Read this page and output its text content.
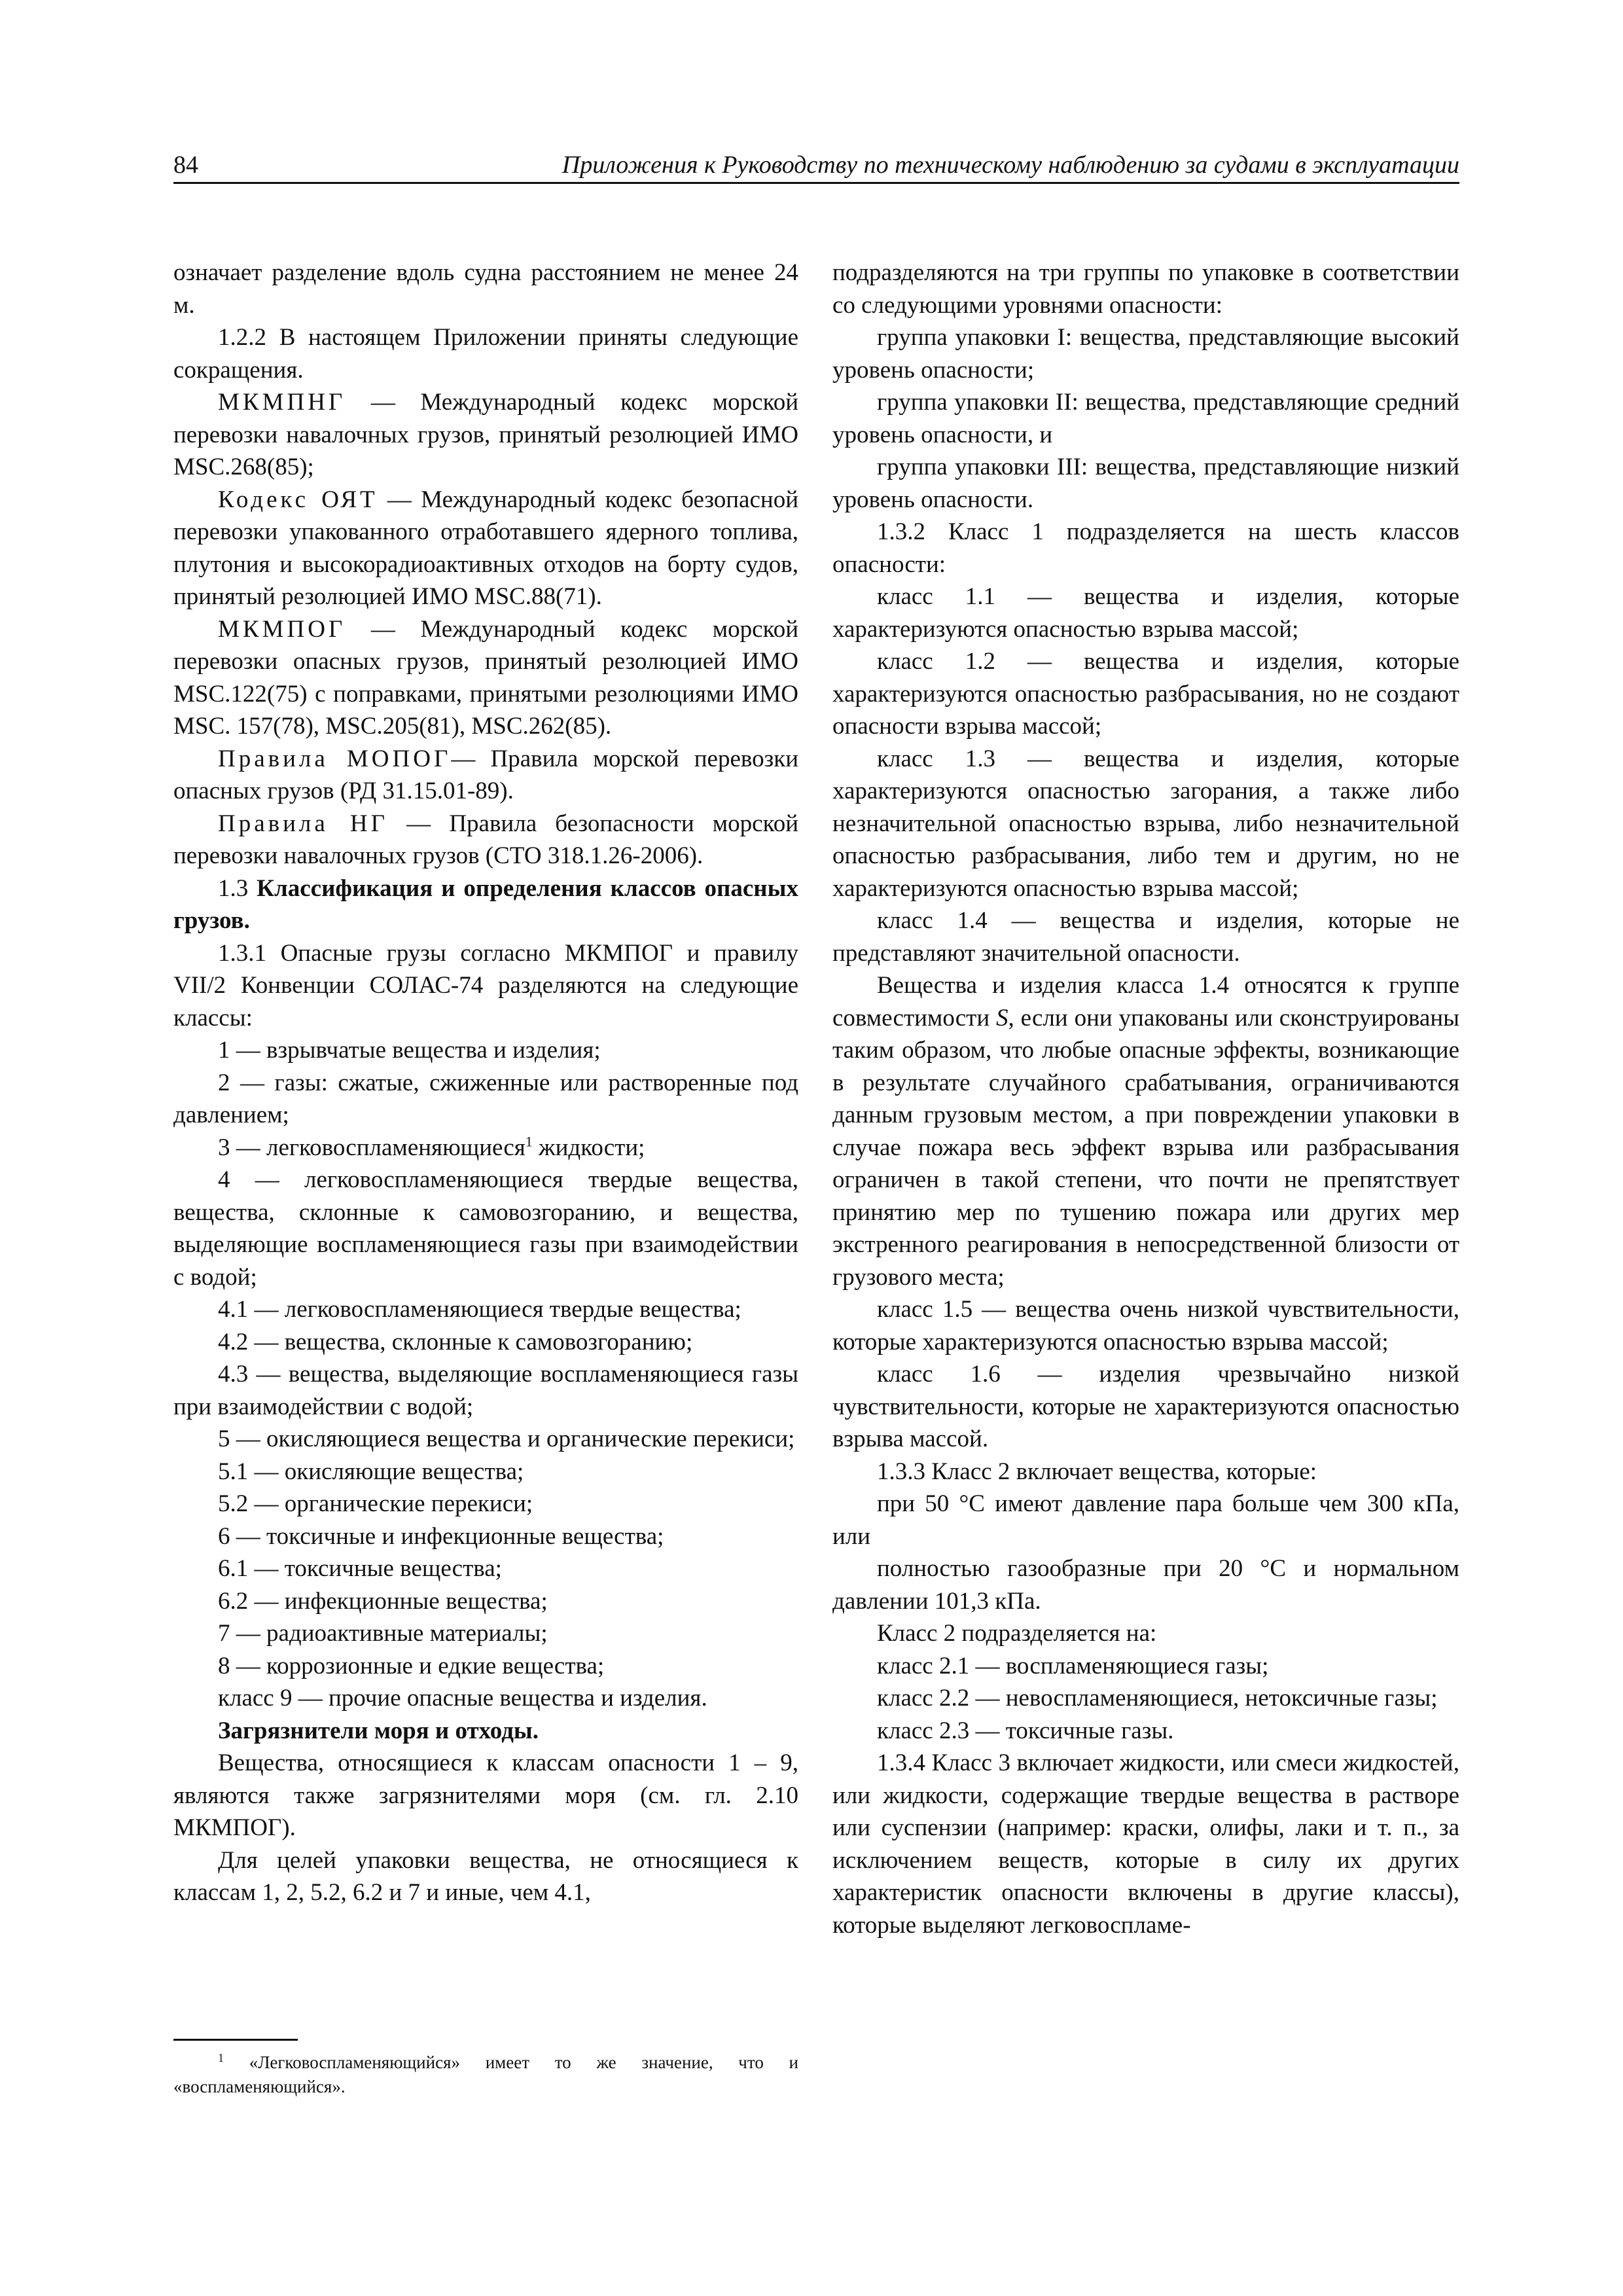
84	Приложения к Руководству по техническому наблюдению за судами в эксплуатации

означает разделение вдоль судна расстоянием не менее 24 м.

1.2.2 В настоящем Приложении приняты следующие сокращения.

МКМПНГ — Международный кодекс морской перевозки навалочных грузов, принятый резолюцией ИМО MSC.268(85);

Кодекс ОЯТ — Международный кодекс безопасной перевозки упакованного отработавшего ядерного топлива, плутония и высокорадиоактивных отходов на борту судов, принятый резолюцией ИМО MSC.88(71).

МКМПОГ — Международный кодекс морской перевозки опасных грузов, принятый резолюцией ИМО MSC.122(75) с поправками, принятыми резолюциями ИМО MSC. 157(78), MSC.205(81), MSC.262(85).

Правила МОПОГ— Правила морской перевозки опасных грузов (РД 31.15.01-89).

Правила НГ — Правила безопасности морской перевозки навалочных грузов (СТО 318.1.26-2006).

1.3 Классификация и определения классов опасных грузов.

1.3.1 Опасные грузы согласно МКМПОГ и правилу VII/2 Конвенции СОЛАС-74 разделяются на следующие классы:

1 — взрывчатые вещества и изделия;

2 — газы: сжатые, сжиженные или растворенные под давлением;

3 — легковоспламеняющиеся$^1$ жидкости;

4 — легковоспламеняющиеся твердые вещества, вещества, склонные к самовозгоранию, и вещества, выделяющие воспламеняющиеся газы при взаимодействии с водой;

4.1 — легковоспламеняющиеся твердые вещества;

4.2 — вещества, склонные к самовозгоранию;

4.3 — вещества, выделяющие воспламеняющиеся газы при взаимодействии с водой;

5 — окисляющиеся вещества и органические перекиси;

5.1 — окисляющие вещества;

5.2 — органические перекиси;

6 — токсичные и инфекционные вещества;

6.1 — токсичные вещества;

6.2 — инфекционные вещества;

7 — радиоактивные материалы;

8 — коррозионные и едкие вещества;

класс 9 — прочие опасные вещества и изделия.

Загрязнители моря и отходы.

Вещества, относящиеся к классам опасности 1 – 9, являются также загрязнителями моря (см. гл. 2.10 МКМПОГ).

Для целей упаковки вещества, не относящиеся к классам 1, 2, 5.2, 6.2 и 7 и иные, чем 4.1,

подразделяются на три группы по упаковке в соответствии со следующими уровнями опасности:

группа упаковки I: вещества, представляющие высокий уровень опасности;

группа упаковки II: вещества, представляющие средний уровень опасности, и

группа упаковки III: вещества, представляющие низкий уровень опасности.

1.3.2 Класс 1 подразделяется на шесть классов опасности:

класс 1.1 — вещества и изделия, которые характеризуются опасностью взрыва массой;

класс 1.2 — вещества и изделия, которые характеризуются опасностью разбрасывания, но не создают опасности взрыва массой;

класс 1.3 — вещества и изделия, которые характеризуются опасностью загорания, а также либо незначительной опасностью взрыва, либо незначительной опасностью разбрасывания, либо тем и другим, но не характеризуются опасностью взрыва массой;

класс 1.4 — вещества и изделия, которые не представляют значительной опасности.

Вещества и изделия класса 1.4 относятся к группе совместимости S, если они упакованы или сконструированы таким образом, что любые опасные эффекты, возникающие в результате случайного срабатывания, ограничиваются данным грузовым местом, а при повреждении упаковки в случае пожара весь эффект взрыва или разбрасывания ограничен в такой степени, что почти не препятствует принятию мер по тушению пожара или других мер экстренного реагирования в непосредственной близости от грузового места;

класс 1.5 — вещества очень низкой чувствительности, которые характеризуются опасностью взрыва массой;

класс 1.6 — изделия чрезвычайно низкой чувствительности, которые не характеризуются опасностью взрыва массой.

1.3.3 Класс 2 включает вещества, которые:

при 50 °C имеют давление пара больше чем 300 кПа, или

полностью газообразные при 20 °C и нормальном давлении 101,3 кПа.

Класс 2 подразделяется на:

класс 2.1 — воспламеняющиеся газы;

класс 2.2 — невоспламеняющиеся, нетоксичные газы;

класс 2.3 — токсичные газы.

1.3.4 Класс 3 включает жидкости, или смеси жидкостей, или жидкости, содержащие твердые вещества в растворе или суспензии (например: краски, олифы, лаки и т. п., за исключением веществ, которые в силу их других характеристик опасности включены в другие классы), которые выделяют легковоспламе-

$^1$ «Легковоспламеняющийся» имеет то же значение, что и «воспламеняющийся».
